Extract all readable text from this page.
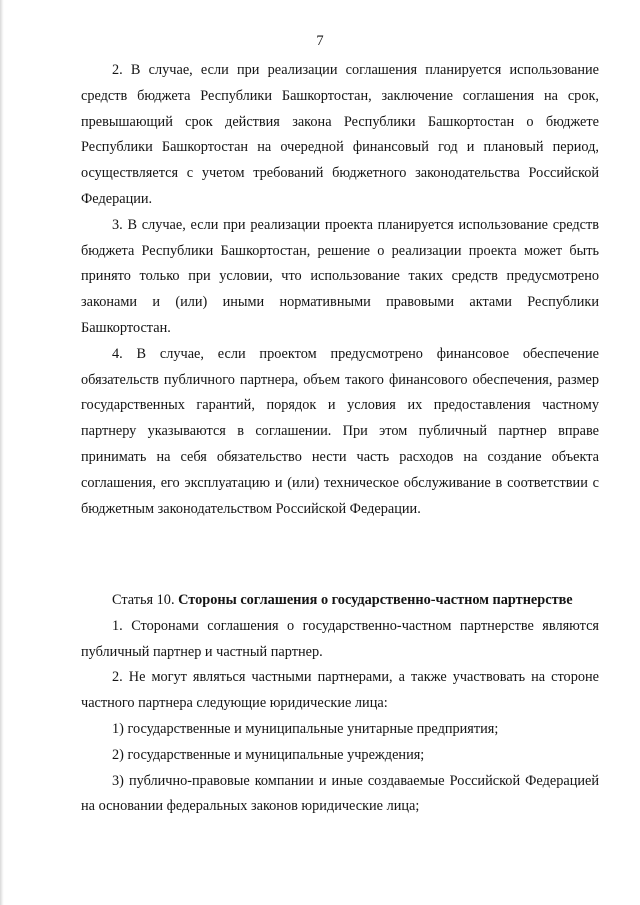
7

2. В случае, если при реализации соглашения планируется использование средств бюджета Республики Башкортостан, заключение соглашения на срок, превышающий срок действия закона Республики Башкортостан о бюджете Республики Башкортостан на очередной финансовый год и плановый период, осуществляется с учетом требований бюджетного законодательства Российской Федерации.

3. В случае, если при реализации проекта планируется использование средств бюджета Республики Башкортостан, решение о реализации проекта может быть принято только при условии, что использование таких средств предусмотрено законами и (или) иными нормативными правовыми актами Республики Башкортостан.

4. В случае, если проектом предусмотрено финансовое обеспечение обязательств публичного партнера, объем такого финансового обеспечения, размер государственных гарантий, порядок и условия их предоставления частному партнеру указываются в соглашении. При этом публичный партнер вправе принимать на себя обязательство нести часть расходов на создание объекта соглашения, его эксплуатацию и (или) техническое обслуживание в соответствии с бюджетным законодательством Российской Федерации.

Статья 10. Стороны соглашения о государственно-частном партнерстве

1. Сторонами соглашения о государственно-частном партнерстве являются публичный партнер и частный партнер.

2. Не могут являться частными партнерами, а также участвовать на стороне частного партнера следующие юридические лица:

1) государственные и муниципальные унитарные предприятия;
2) государственные и муниципальные учреждения;
3) публично-правовые компании и иные создаваемые Российской Федерацией на основании федеральных законов юридические лица;
